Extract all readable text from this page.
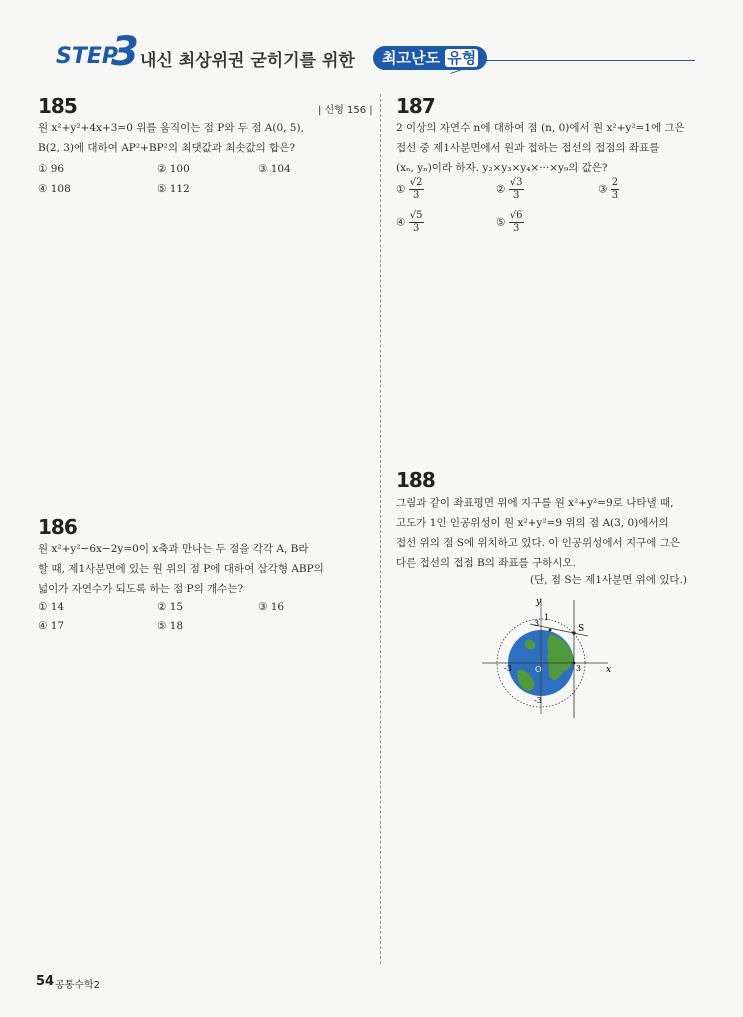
STEP
3 내신 최상위권 굳히기를 위한	최고난도 유형
185	| 신형 156 |
원 x²+y²+4x+3=0 위를 움직이는 점 P와 두 점 A(0, 5),
B(2, 3)에 대하여 AP²+BP²의 최댓값과 최솟값의 합은?
① 96	② 100	③ 104
④ 108	⑤ 112
186
원 x²+y²−6x−2y=0이 x축과 만나는 두 점을 각각 A, B라
할 때, 제1사분면에 있는 원 위의 점 P에 대하여 삼각형 ABP의
넓이가 자연수가 되도록 하는 점 P의 개수는?
① 14	② 15	③ 16
④ 17	⑤ 18
187
2 이상의 자연수 n에 대하여 점 (n, 0)에서 원 x²+y²=1에 그은
접선 중 제1사분면에서 원과 접하는 접선의 접점의 좌표를
(xₙ, yₙ)이라 하자. y₂×y₃×y₄×···×y₉의 값은?
① $\frac{√2}{3}$	② $\frac{√3}{3}$	③ $\frac{2}{3}$
④ $\frac{√5}{3}$	⑤ $\frac{√6}{3}$
188
그림과 같이 좌표평면 위에 지구를 원 x²+y²=9로 나타낼 때,
고도가 1인 인공위성이 원 x²+y²=9 위의 점 A(3, 0)에서의
접선 위의 점 S에 위치하고 있다. 이 인공위성에서 지구에 그은
다른 접선의 접점 B의 좌표를 구하시오.
(단, 점 S는 제1사분면 위에 있다.)
y
x
1
3 B S
A
O
-3	3
-3
54 공통수학2
